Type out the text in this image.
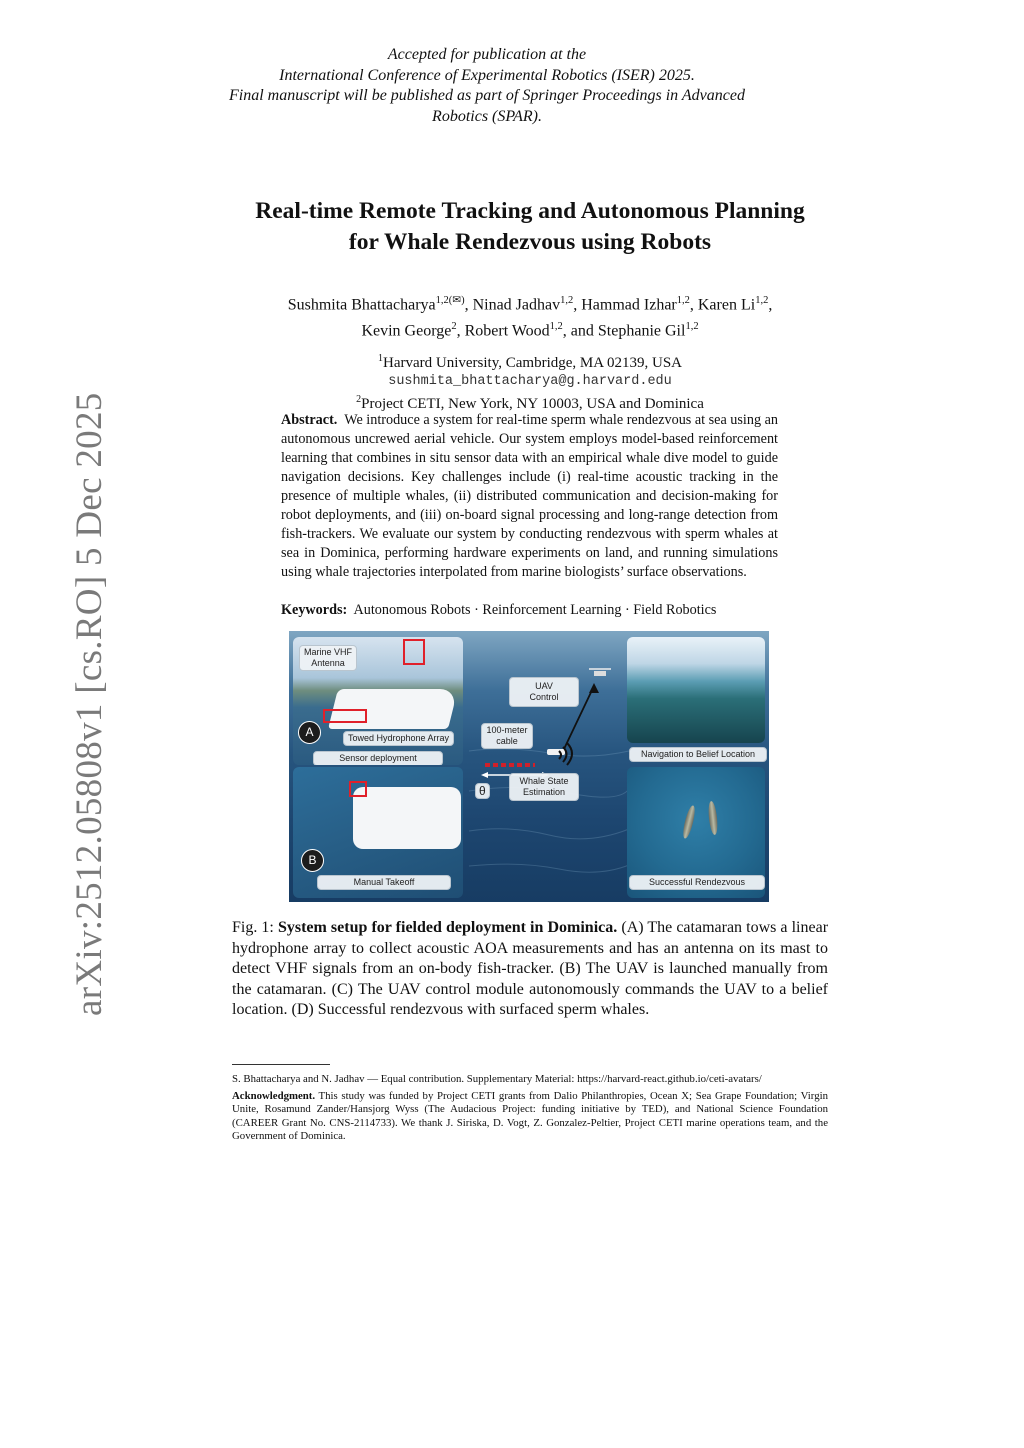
arXiv:2512.05808v1 [cs.RO] 5 Dec 2025
Accepted for publication at the
International Conference of Experimental Robotics (ISER) 2025.
Final manuscript will be published as part of Springer Proceedings in Advanced
Robotics (SPAR).
Real-time Remote Tracking and Autonomous Planning
for Whale Rendezvous using Robots
Sushmita Bhattacharya$^{1,2(✉)}$, Ninad Jadhav$^{1,2}$, Hammad Izhar$^{1,2}$, Karen Li$^{1,2}$,
Kevin George$^2$, Robert Wood$^{1,2}$, and Stephanie Gil$^{1,2}$
$^1$Harvard University, Cambridge, MA 02139, USA
sushmita_bhattacharya@g.harvard.edu
$^2$Project CETI, New York, NY 10003, USA and Dominica
Abstract. We introduce a system for real-time sperm whale rendezvous at sea using an autonomous uncrewed aerial vehicle. Our system employs model-based reinforcement learning that combines in situ sensor data with an empirical whale dive model to guide navigation decisions. Key challenges include (i) real-time acoustic tracking in the presence of multiple whales, (ii) distributed communication and decision-making for robot deployments, and (iii) on-board signal processing and long-range detection from fish-trackers. We evaluate our system by conducting rendezvous with sperm whales at sea in Dominica, performing hardware experiments on land, and running simulations using whale trajectories interpolated from marine biologists’ surface observations.
Keywords: Autonomous Robots · Reinforcement Learning · Field Robotics
Marine VHF
Antenna
A	Towed Hydrophone Array
Sensor deployment
B
Manual Takeoff
UAV
Control
100-meter
cable
Whale State
Estimation
θ
Navigation to Belief Location
Successful Rendezvous
Fig. 1: System setup for fielded deployment in Dominica. (A) The catamaran tows a linear hydrophone array to collect acoustic AOA measurements and has an antenna on its mast to detect VHF signals from an on-body fish-tracker. (B) The UAV is launched manually from the catamaran. (C) The UAV control module autonomously commands the UAV to a belief location. (D) Successful rendezvous with surfaced sperm whales.

S. Bhattacharya and N. Jadhav — Equal contribution. Supplementary Material: https://harvard-react.github.io/ceti-avatars/

Acknowledgment. This study was funded by Project CETI grants from Dalio Philanthropies, Ocean X; Sea Grape Foundation; Virgin Unite, Rosamund Zander/Hansjorg Wyss (The Audacious Project: funding initiative by TED), and National Science Foundation (CAREER Grant No. CNS-2114733). We thank J. Siriska, D. Vogt, Z. Gonzalez-Peltier, Project CETI marine operations team, and the Government of Dominica.
